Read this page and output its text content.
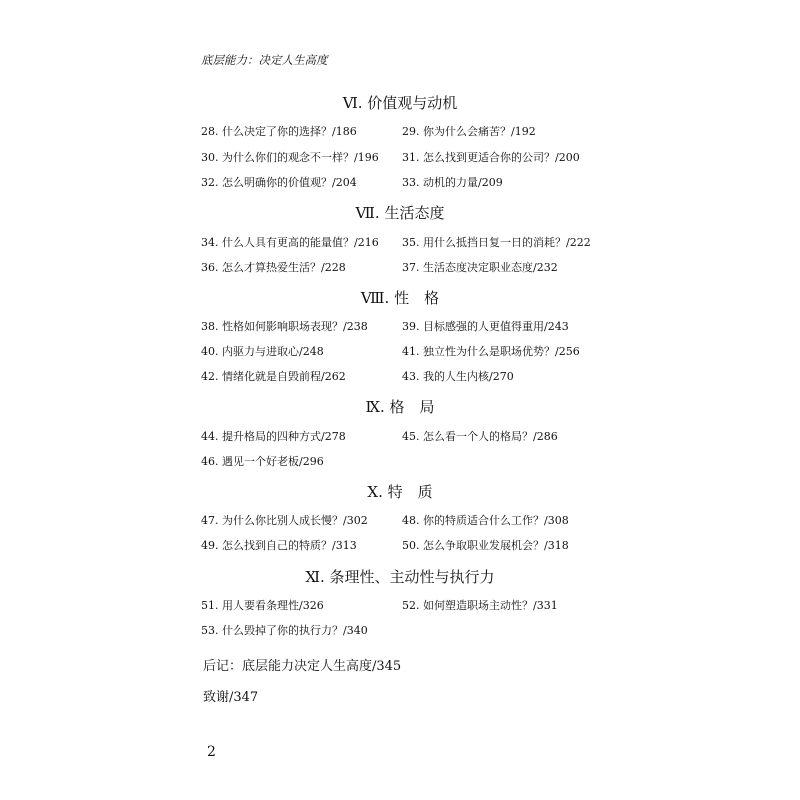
底层能力：决定人生高度
Ⅵ. 价值观与动机
28. 什么决定了你的选择？/186	29. 你为什么会痛苦？/192
30. 为什么你们的观念不一样？/196 31. 怎么找到更适合你的公司？/200
32. 怎么明确你的价值观？/204	33. 动机的力量/209
Ⅶ. 生活态度
34. 什么人具有更高的能量值？/216 35. 用什么抵挡日复一日的消耗？/222
36. 怎么才算热爱生活？/228	37. 生活态度决定职业态度/232
Ⅷ. 性　格
38. 性格如何影响职场表现？/238	39. 目标感强的人更值得重用/243
40. 内驱力与进取心/248	41. 独立性为什么是职场优势？/256
42. 情绪化就是自毁前程/262	43. 我的人生内核/270
Ⅸ. 格　局
44. 提升格局的四种方式/278	45. 怎么看一个人的格局？/286
46. 遇见一个好老板/296
Ⅹ. 特　质
47. 为什么你比别人成长慢？/302	48. 你的特质适合什么工作？/308
49. 怎么找到自己的特质？/313	50. 怎么争取职业发展机会？/318
Ⅺ. 条理性、主动性与执行力
51. 用人要看条理性/326	52. 如何塑造职场主动性？/331
53. 什么毁掉了你的执行力？/340
后记：底层能力决定人生高度/345
致谢/347
2
